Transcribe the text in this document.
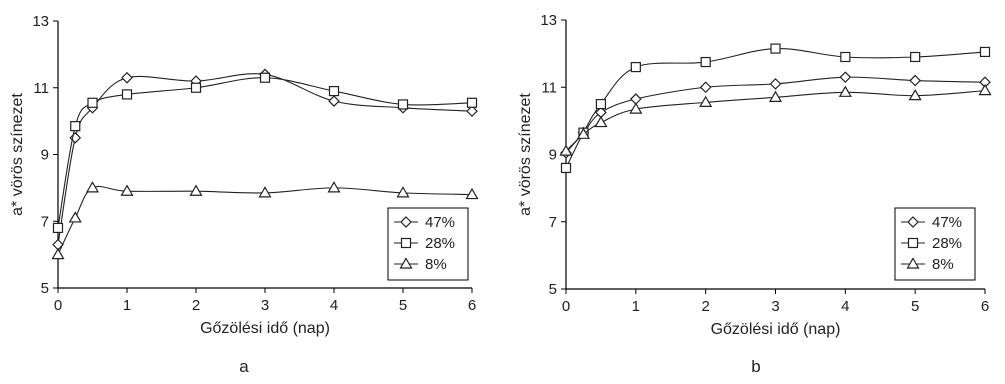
5
7
9
11
13
0	1	2	3	4	5	6
Gőzölési idő (nap)
a* vörös színezet
a
47%
28%
8%
5
7
9
11
13
0	1	2	3	4	5	6
Gőzölési idő (nap)
a* vörös színezet
b
47%
28%
8%
